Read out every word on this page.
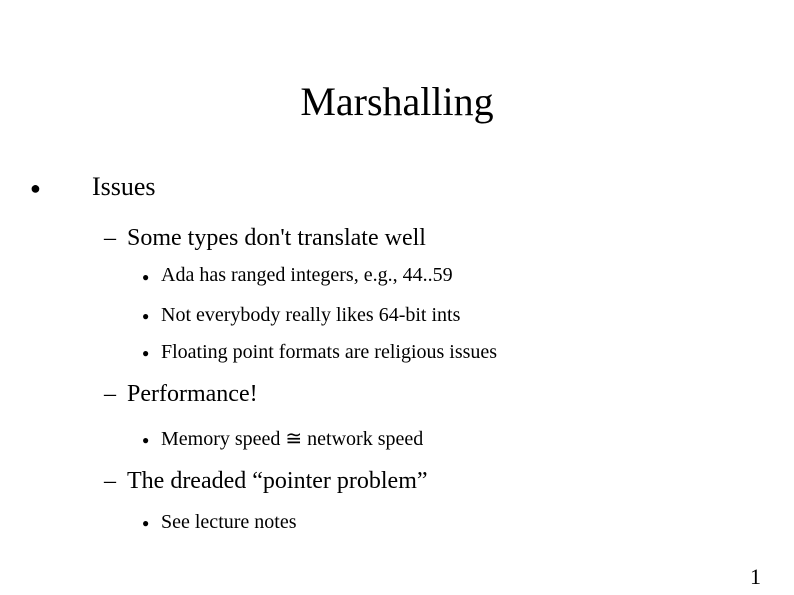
Marshalling
● Issues
– Some types don't translate well
● Ada has ranged integers, e.g., 44..59
● Not everybody really likes 64-bit ints
● Floating point formats are religious issues
– Performance!
● Memory speed ≅ network speed
– The dreaded “pointer problem”
● See lecture notes
1
